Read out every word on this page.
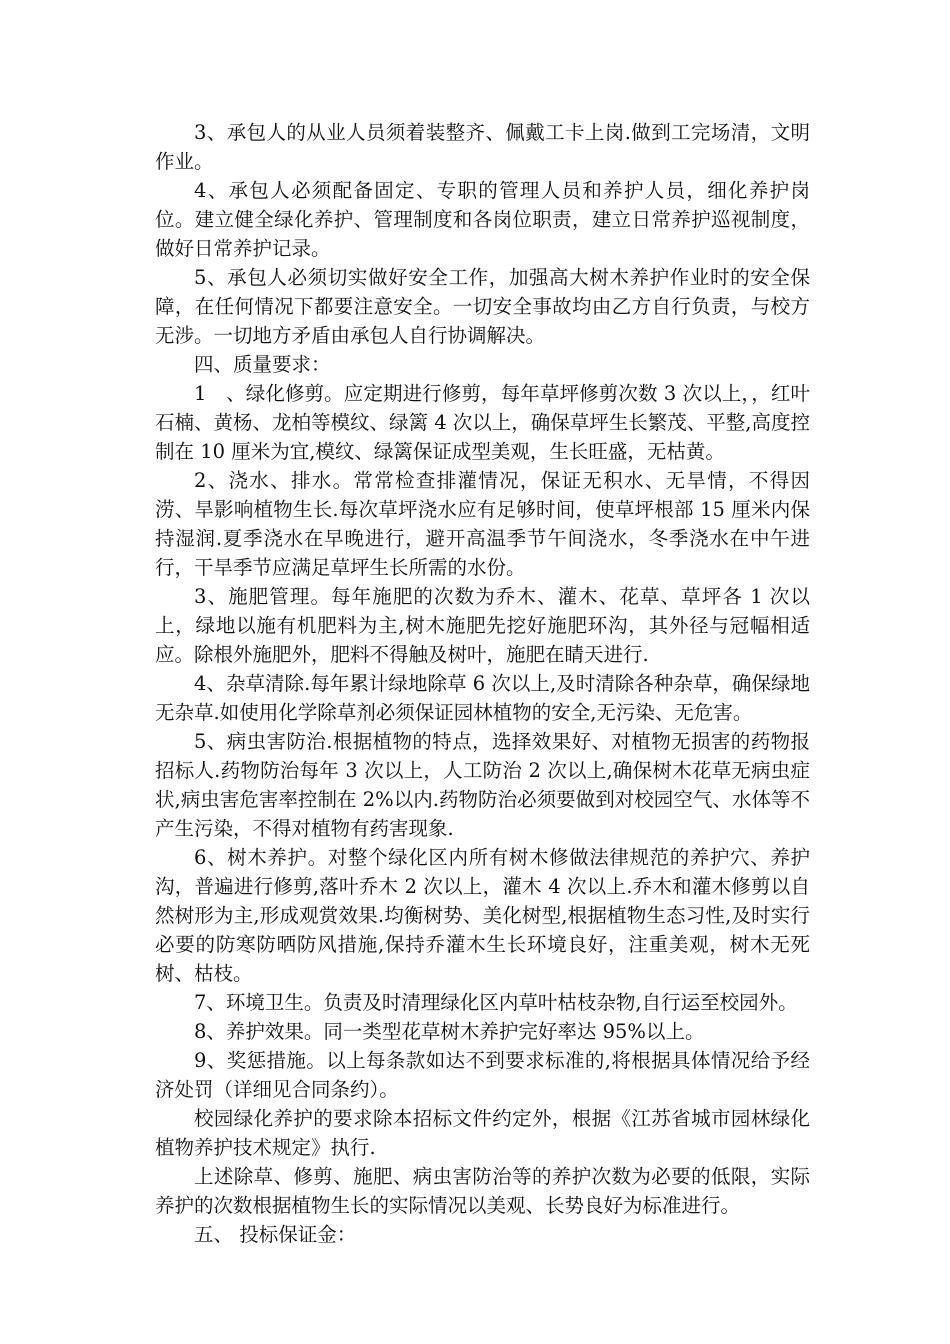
3、承包人的从业人员须着装整齐、佩戴工卡上岗.做到工完场清，文明作业。

4、承包人必须配备固定、专职的管理人员和养护人员，细化养护岗位。建立健全绿化养护、管理制度和各岗位职责，建立日常养护巡视制度，做好日常养护记录。

5、承包人必须切实做好安全工作，加强高大树木养护作业时的安全保障，在任何情况下都要注意安全。一切安全事故均由乙方自行负责，与校方无涉。一切地方矛盾由承包人自行协调解决。

四、质量要求：

1　、绿化修剪。应定期进行修剪，每年草坪修剪次数 3 次以上，，红叶石楠、黄杨、龙柏等模纹、绿篱 4 次以上，确保草坪生长繁茂、平整,高度控制在 10 厘米为宜,模纹、绿篱保证成型美观，生长旺盛，无枯黄。

2、浇水、排水。常常检查排灌情况，保证无积水、无旱情，不得因涝、旱影响植物生长.每次草坪浇水应有足够时间，使草坪根部 15 厘米内保持湿润.夏季浇水在早晚进行，避开高温季节午间浇水，冬季浇水在中午进行，干旱季节应满足草坪生长所需的水份。

3、施肥管理。每年施肥的次数为乔木、灌木、花草、草坪各 1 次以上，绿地以施有机肥料为主,树木施肥先挖好施肥环沟，其外径与冠幅相适应。除根外施肥外，肥料不得触及树叶，施肥在睛天进行.

4、杂草清除.每年累计绿地除草 6 次以上,及时清除各种杂草，确保绿地无杂草.如使用化学除草剂必须保证园林植物的安全,无污染、无危害。

5、病虫害防治.根据植物的特点，选择效果好、对植物无损害的药物报招标人.药物防治每年 3 次以上，人工防治 2 次以上,确保树木花草无病虫症状,病虫害危害率控制在 2%以内.药物防治必须要做到对校园空气、水体等不产生污染，不得对植物有药害现象.

6、树木养护。对整个绿化区内所有树木修做法律规范的养护穴、养护沟，普遍进行修剪,落叶乔木 2 次以上，灌木 4 次以上.乔木和灌木修剪以自然树形为主,形成观赏效果.均衡树势、美化树型,根据植物生态习性,及时实行必要的防寒防晒防风措施,保持乔灌木生长环境良好，注重美观，树木无死树、枯枝。

7、环境卫生。负责及时清理绿化区内草叶枯枝杂物,自行运至校园外。

8、养护效果。同一类型花草树木养护完好率达 95%以上。

9、奖惩措施。以上每条款如达不到要求标准的,将根据具体情况给予经济处罚（详细见合同条约）。

校园绿化养护的要求除本招标文件约定外，根据《江苏省城市园林绿化植物养护技术规定》执行.

上述除草、修剪、施肥、病虫害防治等的养护次数为必要的低限，实际养护的次数根据植物生长的实际情况以美观、长势良好为标准进行。

五、 投标保证金：
